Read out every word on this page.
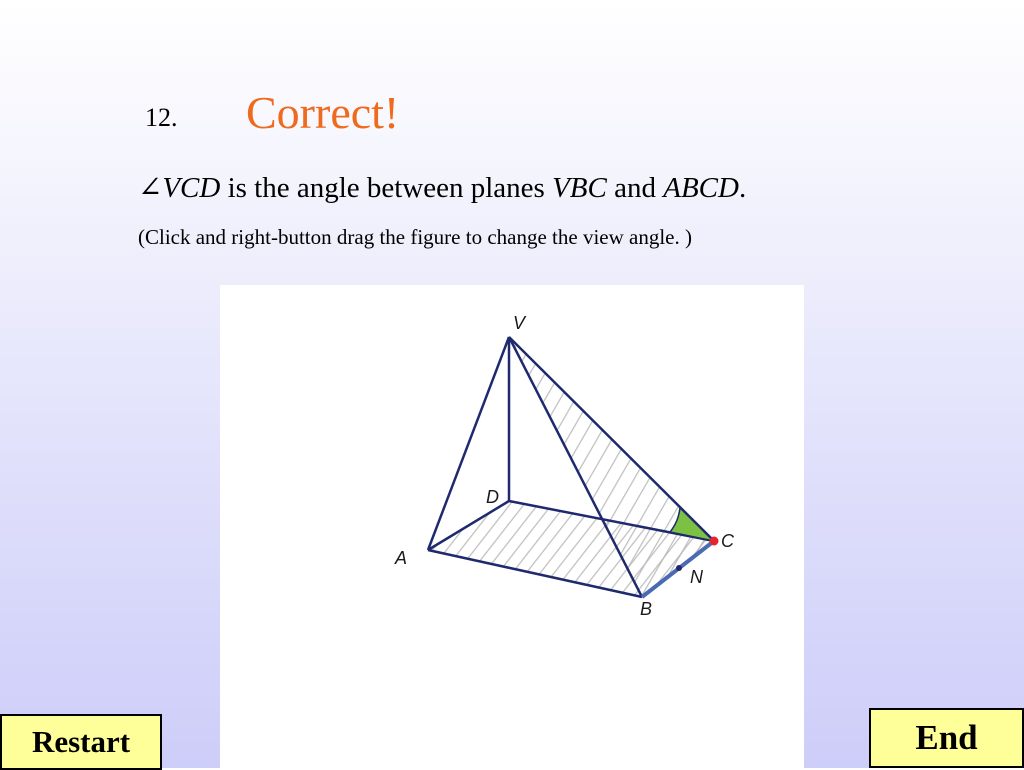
12. Correct!
∠VCD is the angle between planes VBC and ABCD.
(Click and right-button drag the figure to change the view angle. )
V
D
C
A
B
N
Restart	End
